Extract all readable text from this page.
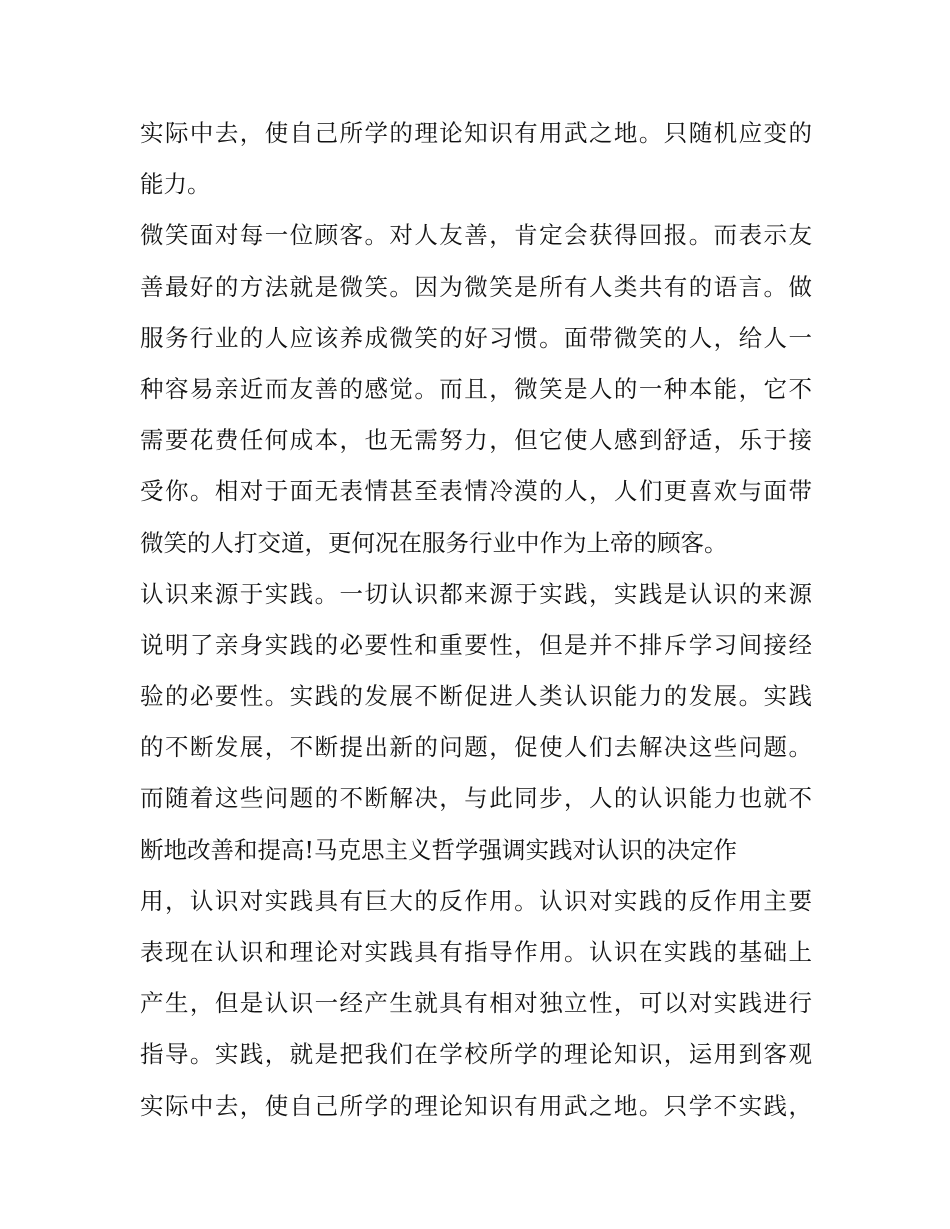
实际中去，使自己所学的理论知识有用武之地。只随机应变的
能力。
微笑面对每一位顾客。对人友善，肯定会获得回报。而表示友
善最好的方法就是微笑。因为微笑是所有人类共有的语言。做
服务行业的人应该养成微笑的好习惯。面带微笑的人，给人一
种容易亲近而友善的感觉。而且，微笑是人的一种本能，它不
需要花费任何成本，也无需努力，但它使人感到舒适，乐于接
受你。相对于面无表情甚至表情冷漠的人，人们更喜欢与面带
微笑的人打交道，更何况在服务行业中作为上帝的顾客。
认识来源于实践。一切认识都来源于实践，实践是认识的来源
说明了亲身实践的必要性和重要性，但是并不排斥学习间接经
验的必要性。实践的发展不断促进人类认识能力的发展。实践
的不断发展，不断提出新的问题，促使人们去解决这些问题。
而随着这些问题的不断解决，与此同步，人的认识能力也就不
断地改善和提高!马克思主义哲学强调实践对认识的决定作
用，认识对实践具有巨大的反作用。认识对实践的反作用主要
表现在认识和理论对实践具有指导作用。认识在实践的基础上
产生，但是认识一经产生就具有相对独立性，可以对实践进行
指导。实践，就是把我们在学校所学的理论知识，运用到客观
实际中去，使自己所学的理论知识有用武之地。只学不实践，
